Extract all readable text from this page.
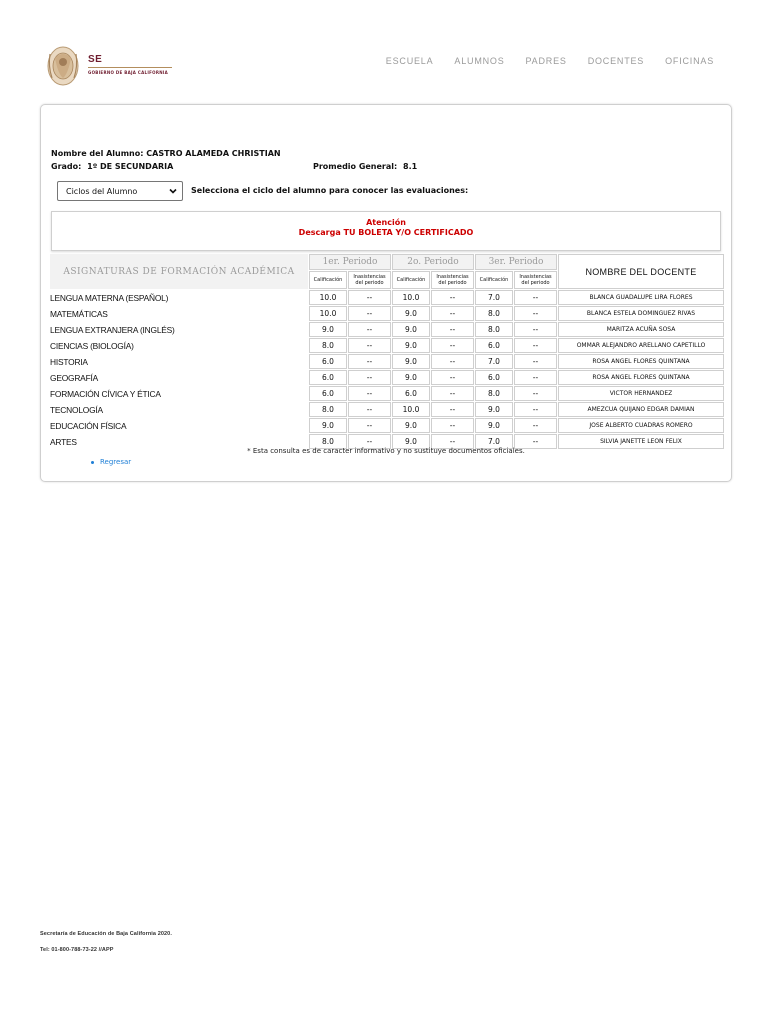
SE
GOBIERNO DE BAJA CALIFORNIA
ESCUELA ALUMNOS PADRES DOCENTES OFICINAS
Nombre del Alumno: CASTRO ALAMEDA CHRISTIAN
Grado: 1º DE SECUNDARIA	Promedio General: 8.1
Ciclos del Alumno	Selecciona el ciclo del alumno para conocer las evaluaciones:
Atención
Descarga TU BOLETA Y/O CERTIFICADO
ASIGNATURAS DE FORMACIÓN ACADÉMICA	1er. Periodo		2o. Periodo		3er. Periodo		NOMBRE DEL DOCENTE
	Calificación	Inasistencias del periodo	Calificación	Inasistencias del periodo	Calificación	Inasistencias del periodo	
LENGUA MATERNA (ESPAÑOL)	10.0	--	10.0	--	7.0	--	BLANCA GUADALUPE LIRA FLORES
MATEMÁTICAS	10.0	--	9.0	--	8.0	--	BLANCA ESTELA DOMINGUEZ RIVAS
LENGUA EXTRANJERA (INGLÉS)	9.0	--	9.0	--	8.0	--	MARITZA ACUÑA SOSA
CIENCIAS (BIOLOGÍA)	8.0	--	9.0	--	6.0	--	OMMAR ALEJANDRO ARELLANO CAPETILLO
HISTORIA	6.0	--	9.0	--	7.0	--	ROSA ANGEL FLORES QUINTANA
GEOGRAFÍA	6.0	--	9.0	--	6.0	--	ROSA ANGEL FLORES QUINTANA
FORMACIÓN CÍVICA Y ÉTICA	6.0	--	6.0	--	8.0	--	VICTOR HERNANDEZ
TECNOLOGÍA	8.0	--	10.0	--	9.0	--	AMEZCUA QUIJANO EDGAR DAMIAN
EDUCACIÓN FÍSICA	9.0	--	9.0	--	9.0	--	JOSE ALBERTO CUADRAS ROMERO
ARTES	8.0	--	9.0	--	7.0	--	SILVIA JANETTE LEON FELIX
* Esta consulta es de caracter informativo y no sustituye documentos oficiales.
Regresar
Secretaría de Educación de Baja California 2020.
Tel: 01-800-788-73-22 //APP
